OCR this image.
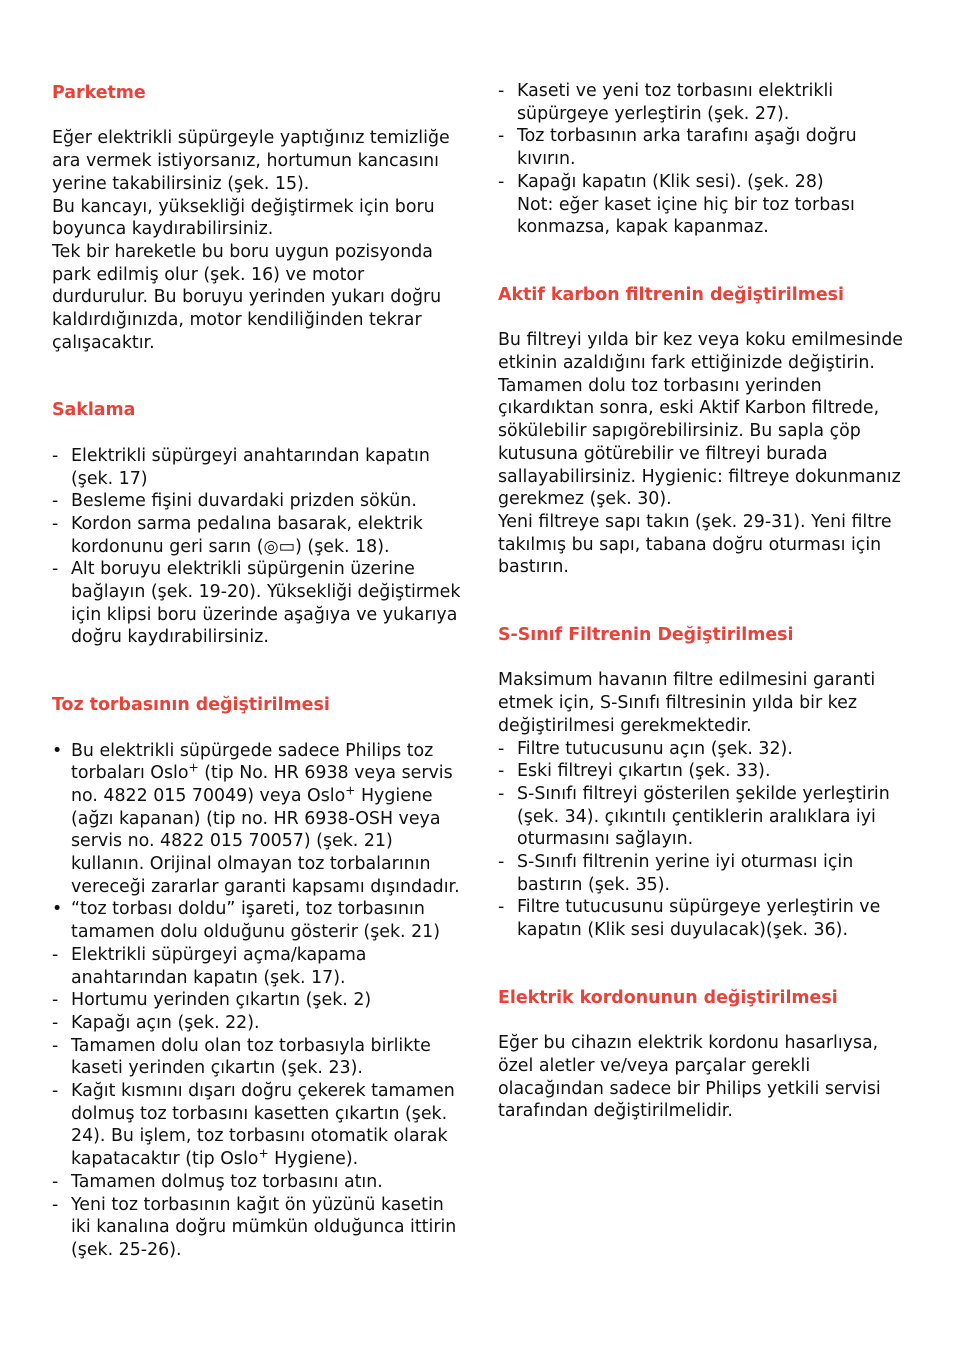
Parketme

Eğer elektrikli süpürgeyle yaptığınız temizliğe ara vermek istiyorsanız, hortumun kancasını yerine takabilirsiniz (şek. 15).

Bu kancayı, yüksekliği değiştirmek için boru boyunca kaydırabilirsiniz.

Tek bir hareketle bu boru uygun pozisyonda park edilmiş olur (şek. 16) ve motor durdurulur. Bu boruyu yerinden yukarı doğru kaldırdığınızda, motor kendiliğinden tekrar çalışacaktır.

Saklama
- Elektrikli süpürgeyi anahtarından kapatın (şek. 17)
- Besleme fişini duvardaki prizden sökün.
- Kordon sarma pedalına basarak, elektrik kordonunu geri sarın (◎▭) (şek. 18).
- Alt boruyu elektrikli süpürgenin üzerine bağlayın (şek. 19-20). Yüksekliği değiştirmek için klipsi boru üzerinde aşağıya ve yukarıya doğru kaydırabilirsiniz.
Toz torbasının değiştirilmesi
• Bu elektrikli süpürgede sadece Philips toz torbaları Oslo+ (tip No. HR 6938 veya servis no. 4822 015 70049) veya Oslo+ Hygiene (ağzı kapanan) (tip no. HR 6938-OSH veya servis no. 4822 015 70057) (şek. 21) kullanın. Orijinal olmayan toz torbalarının vereceği zararlar garanti kapsamı dışındadır.
• “toz torbası doldu” işareti, toz torbasının tamamen dolu olduğunu gösterir (şek. 21)
- Elektrikli süpürgeyi açma/kapama anahtarından kapatın (şek. 17).
- Hortumu yerinden çıkartın (şek. 2)
- Kapağı açın (şek. 22).
- Tamamen dolu olan toz torbasıyla birlikte kaseti yerinden çıkartın (şek. 23).
- Kağıt kısmını dışarı doğru çekerek tamamen dolmuş toz torbasını kasetten çıkartın (şek. 24). Bu işlem, toz torbasını otomatik olarak kapatacaktır (tip Oslo+ Hygiene).
- Tamamen dolmuş toz torbasını atın.
- Yeni toz torbasının kağıt ön yüzünü kasetin iki kanalına doğru mümkün olduğunca ittirin (şek. 25-26).
- Kaseti ve yeni toz torbasını elektrikli süpürgeye yerleştirin (şek. 27).
- Toz torbasının arka tarafını aşağı doğru kıvırın.
- Kapağı kapatın (Klik sesi). (şek. 28)
Not: eğer kaset içine hiç bir toz torbası konmazsa, kapak kapanmaz.
Aktif karbon filtrenin değiştirilmesi

Bu filtreyi yılda bir kez veya koku emilmesinde etkinin azaldığını fark ettiğinizde değiştirin. Tamamen dolu toz torbasını yerinden çıkardıktan sonra, eski Aktif Karbon filtrede, sökülebilir sapıgörebilirsiniz. Bu sapla çöp kutusuna götürebilir ve filtreyi burada sallayabilirsiniz. Hygienic: filtreye dokunmanız gerekmez (şek. 30).

Yeni filtreye sapı takın (şek. 29-31). Yeni filtre takılmış bu sapı, tabana doğru oturması için bastırın.

S-Sınıf Filtrenin Değiştirilmesi

Maksimum havanın filtre edilmesini garanti etmek için, S-Sınıfı filtresinin yılda bir kez değiştirilmesi gerekmektedir.

- Filtre tutucusunu açın (şek. 32).
- Eski filtreyi çıkartın (şek. 33).
- S-Sınıfı filtreyi gösterilen şekilde yerleştirin (şek. 34). çıkıntılı çentiklerin aralıklara iyi oturmasını sağlayın.
- S-Sınıfı filtrenin yerine iyi oturması için bastırın (şek. 35).
- Filtre tutucusunu süpürgeye yerleştirin ve kapatın (Klik sesi duyulacak)(şek. 36).
Elektrik kordonunun değiştirilmesi

Eğer bu cihazın elektrik kordonu hasarlıysa, özel aletler ve/veya parçalar gerekli olacağından sadece bir Philips yetkili servisi tarafından değiştirilmelidir.
